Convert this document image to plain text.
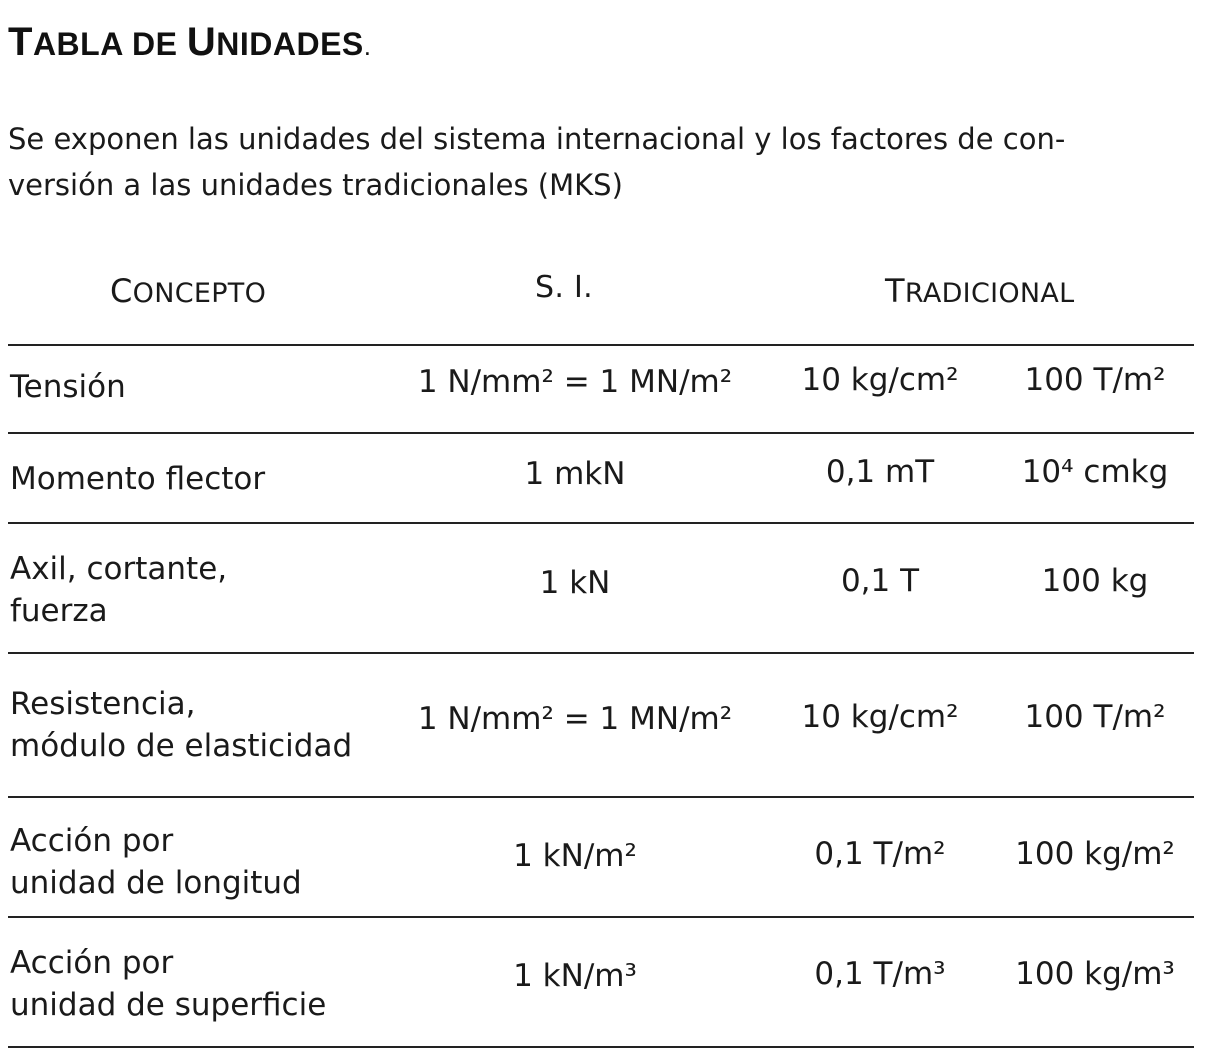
TABLA DE UNIDADES.
Se exponen las unidades del sistema internacional y los factores de con-
versión a las unidades tradicionales (MKS)
CONCEPTO	S. I.	TRADICIONAL
Tensión	1 N/mm² = 1 MN/m²	10 kg/cm²	100 T/m²
Momento flector	1 mkN	0,1 mT	10⁴ cmkg
Axil, cortante,
fuerza
1 kN	0,1 T	100 kg
Resistencia,
módulo de elasticidad
1 N/mm² = 1 MN/m²	10 kg/cm²	100 T/m²
Acción por
unidad de longitud
1 kN/m²	0,1 T/m²	100 kg/m²
Acción por
unidad de superficie
1 kN/m³	0,1 T/m³	100 kg/m³
